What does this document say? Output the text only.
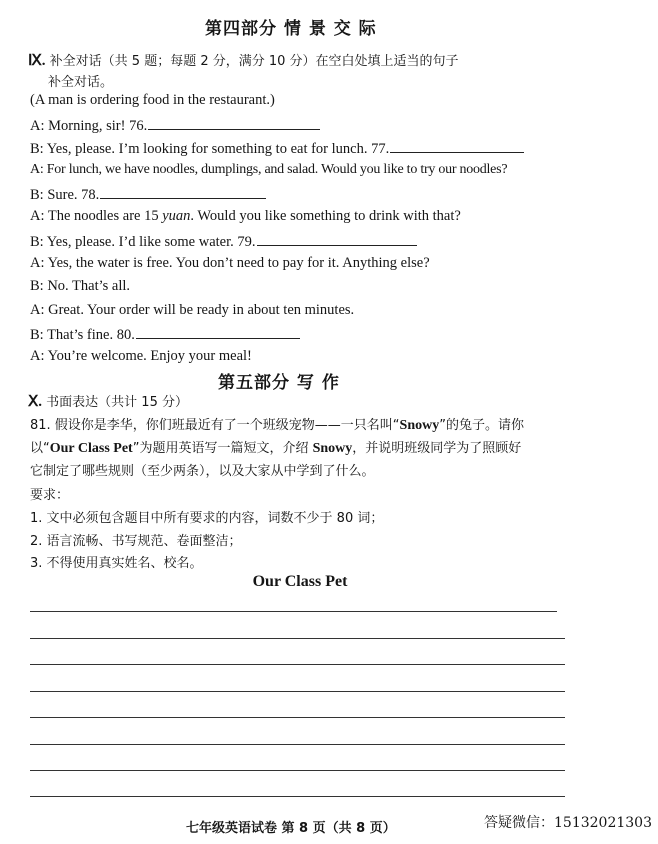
第四部分 情 景 交 际
Ⅸ. 补全对话（共 5 题；每题 2 分，满分 10 分）在空白处填上适当的句子
补全对话。
(A man is ordering food in the restaurant.)
A: Morning, sir! 76.
B: Yes, please. I’m looking for something to eat for lunch. 77.
A: For lunch, we have noodles, dumplings, and salad. Would you like to try our noodles?
B: Sure. 78.
A: The noodles are 15 yuan. Would you like something to drink with that?
B: Yes, please. I’d like some water. 79.
A: Yes, the water is free. You don’t need to pay for it. Anything else?
B: No. That’s all.
A: Great. Your order will be ready in about ten minutes.
B: That’s fine. 80.
A: You’re welcome. Enjoy your meal!
第五部分 写 作
Ⅹ. 书面表达（共计 15 分）
81. 假设你是李华，你们班最近有了一个班级宠物——一只名叫“Snowy”的兔子。请你
以“Our Class Pet”为题用英语写一篇短文，介绍 Snowy，并说明班级同学为了照顾好
它制定了哪些规则（至少两条），以及大家从中学到了什么。
要求：
1. 文中必须包含题目中所有要求的内容，词数不少于 80 词；
2. 语言流畅、书写规范、卷面整洁；
3. 不得使用真实姓名、校名。
Our Class Pet
七年级英语试卷 第 8 页（共 8 页）	答疑微信：15132021303
